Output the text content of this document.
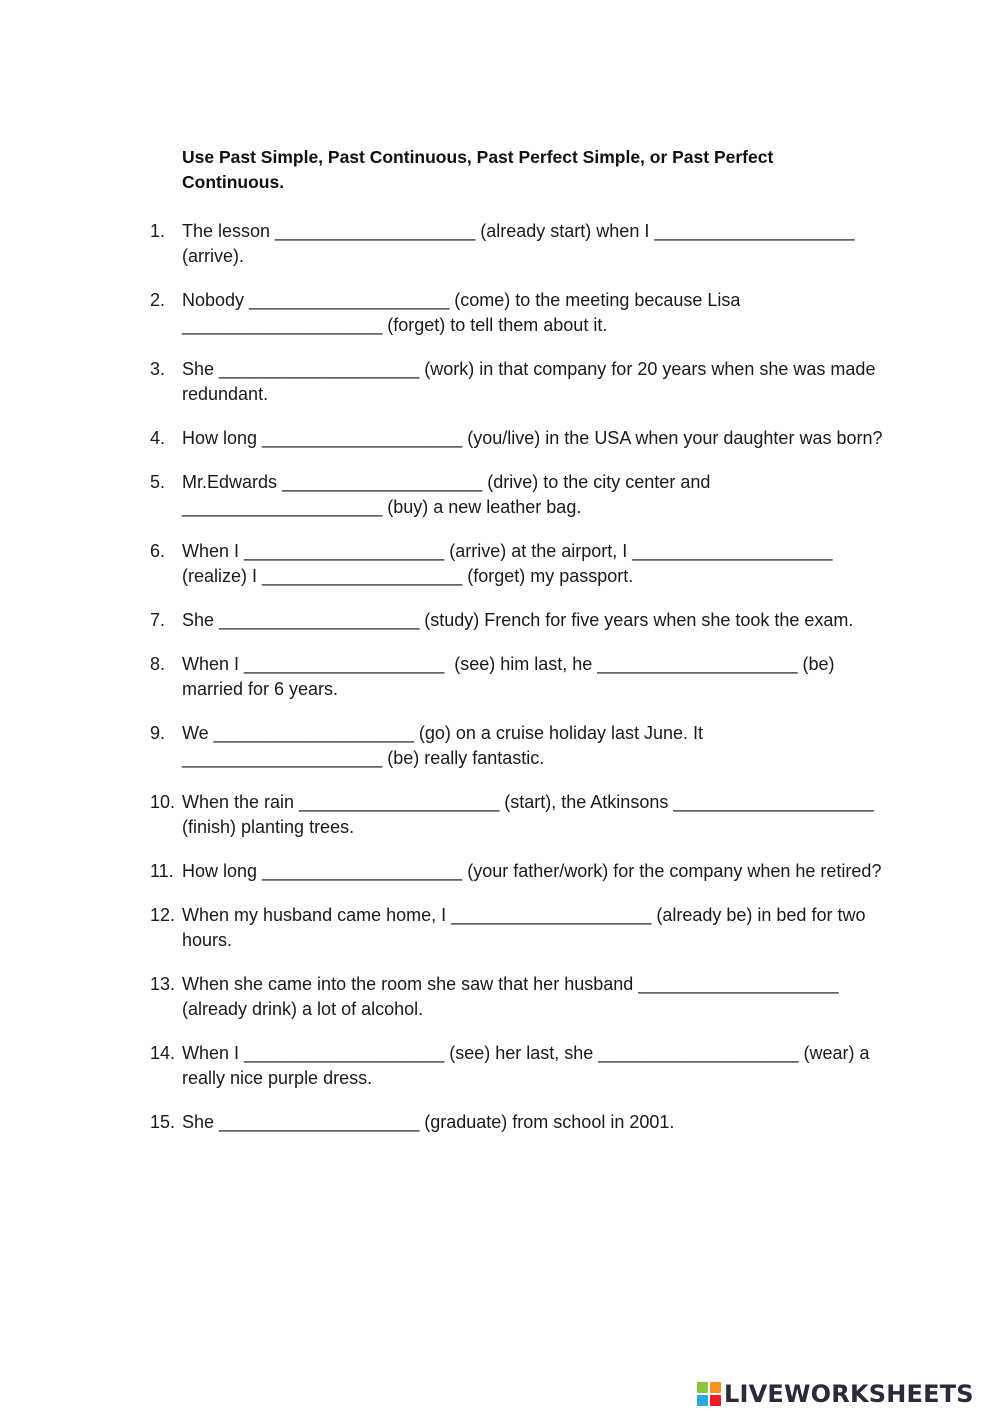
Use Past Simple, Past Continuous, Past Perfect Simple, or Past Perfect Continuous.
1. The lesson ____________________ (already start) when I ____________________ (arrive).
2. Nobody ____________________ (come) to the meeting because Lisa ____________________ (forget) to tell them about it.
3. She ____________________ (work) in that company for 20 years when she was made redundant.
4. How long ____________________ (you/live) in the USA when your daughter was born?
5. Mr.Edwards ____________________ (drive) to the city center and ____________________ (buy) a new leather bag.
6. When I ____________________ (arrive) at the airport, I ____________________ (realize) I ____________________ (forget) my passport.
7. She ____________________ (study) French for five years when she took the exam.
8. When I ____________________  (see) him last, he ____________________ (be) married for 6 years.
9. We ____________________ (go) on a cruise holiday last June. It ____________________ (be) really fantastic.
10. When the rain ____________________ (start), the Atkinsons ____________________ (finish) planting trees.
11. How long ____________________ (your father/work) for the company when he retired?
12. When my husband came home, I ____________________ (already be) in bed for two hours.
13. When she came into the room she saw that her husband ____________________ (already drink) a lot of alcohol.
14. When I ____________________ (see) her last, she ____________________ (wear) a really nice purple dress.
15. She ____________________ (graduate) from school in 2001.
LIVEWORKSHEETS
